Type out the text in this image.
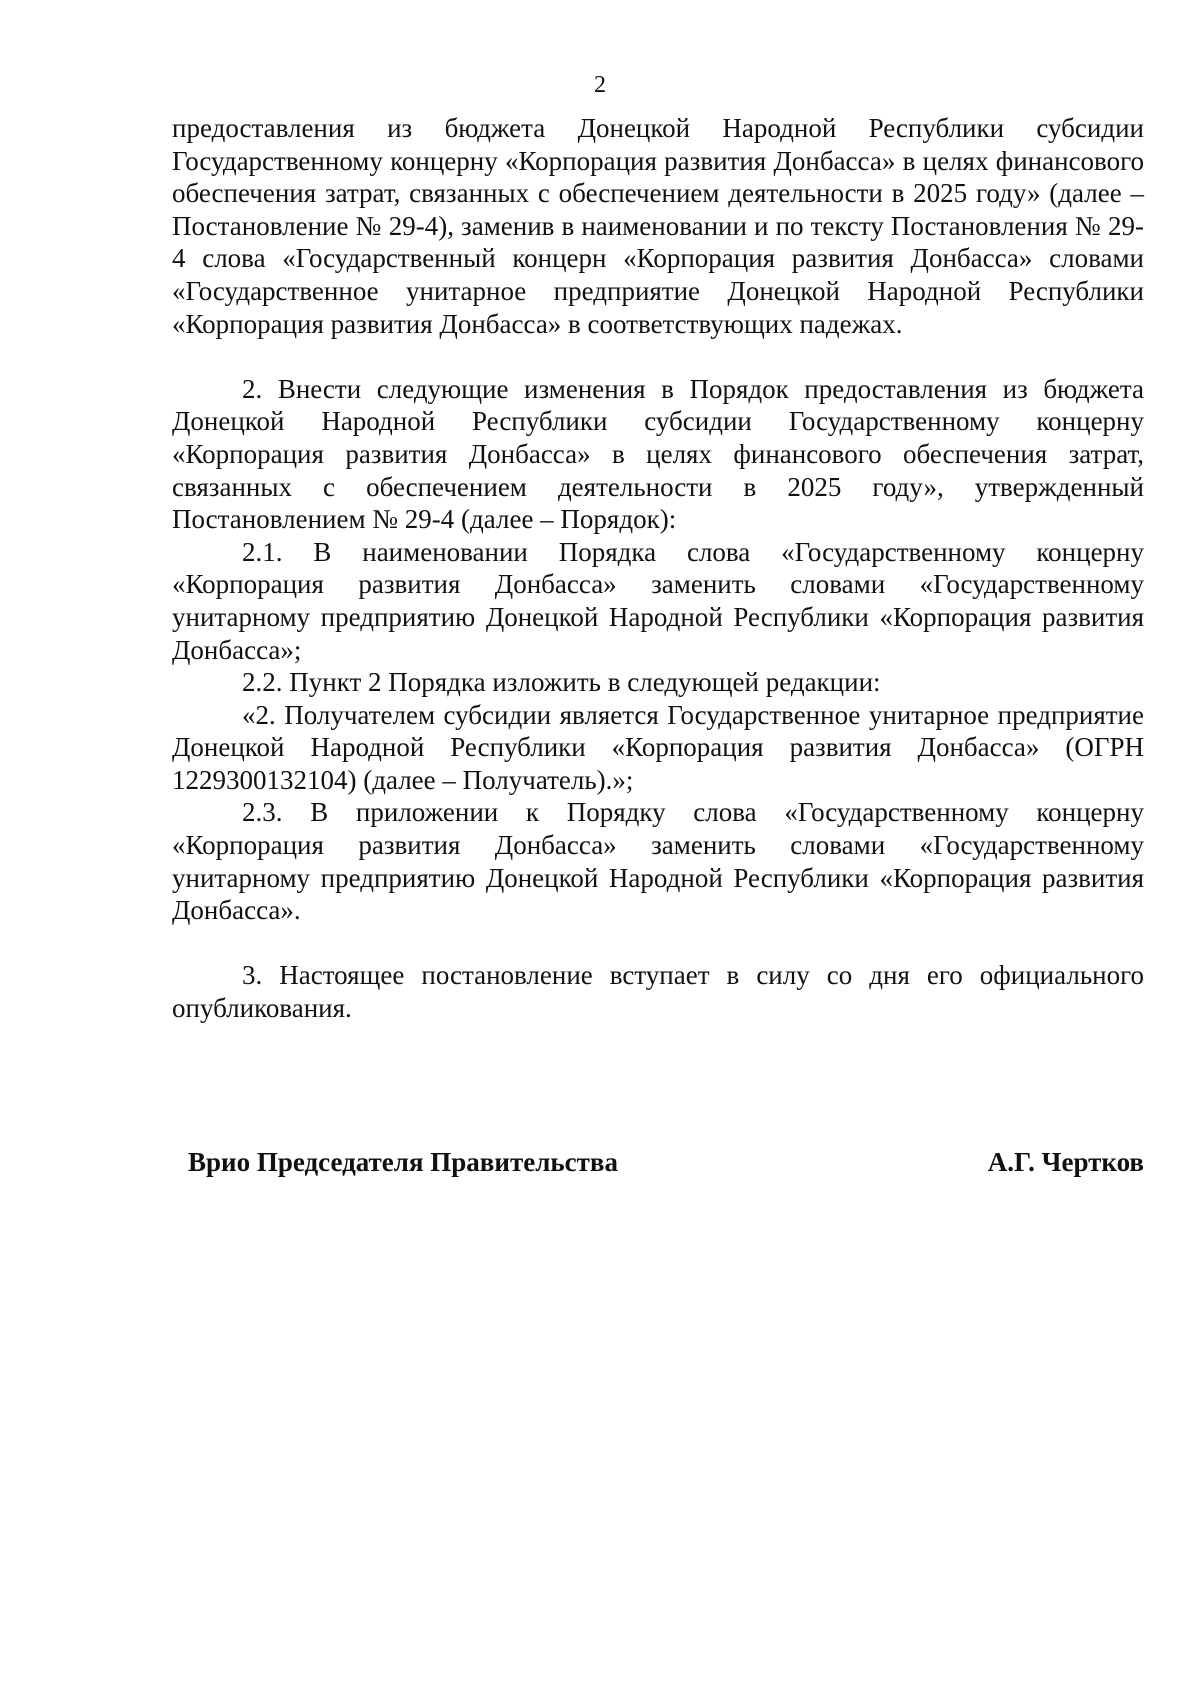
2

предоставления из бюджета Донецкой Народной Республики субсидии Государственному концерну «Корпорация развития Донбасса» в целях финансового обеспечения затрат, связанных с обеспечением деятельности в 2025 году» (далее – Постановление № 29-4), заменив в наименовании и по тексту Постановления № 29-4 слова «Государственный концерн «Корпорация развития Донбасса» словами «Государственное унитарное предприятие Донецкой Народной Республики «Корпорация развития Донбасса» в соответствующих падежах.

2. Внести следующие изменения в Порядок предоставления из бюджета Донецкой Народной Республики субсидии Государственному концерну «Корпорация развития Донбасса» в целях финансового обеспечения затрат, связанных с обеспечением деятельности в 2025 году», утвержденный Постановлением № 29-4 (далее – Порядок):

2.1. В наименовании Порядка слова «Государственному концерну «Корпорация развития Донбасса» заменить словами «Государственному унитарному предприятию Донецкой Народной Республики «Корпорация развития Донбасса»;

2.2. Пункт 2 Порядка изложить в следующей редакции:

«2. Получателем субсидии является Государственное унитарное предприятие Донецкой Народной Республики «Корпорация развития Донбасса» (ОГРН 1229300132104) (далее – Получатель).»;

2.3. В приложении к Порядку слова «Государственному концерну «Корпорация развития Донбасса» заменить словами «Государственному унитарному предприятию Донецкой Народной Республики «Корпорация развития Донбасса».

3. Настоящее постановление вступает в силу со дня его официального опубликования.

Врио Председателя Правительства	А.Г. Чертков
